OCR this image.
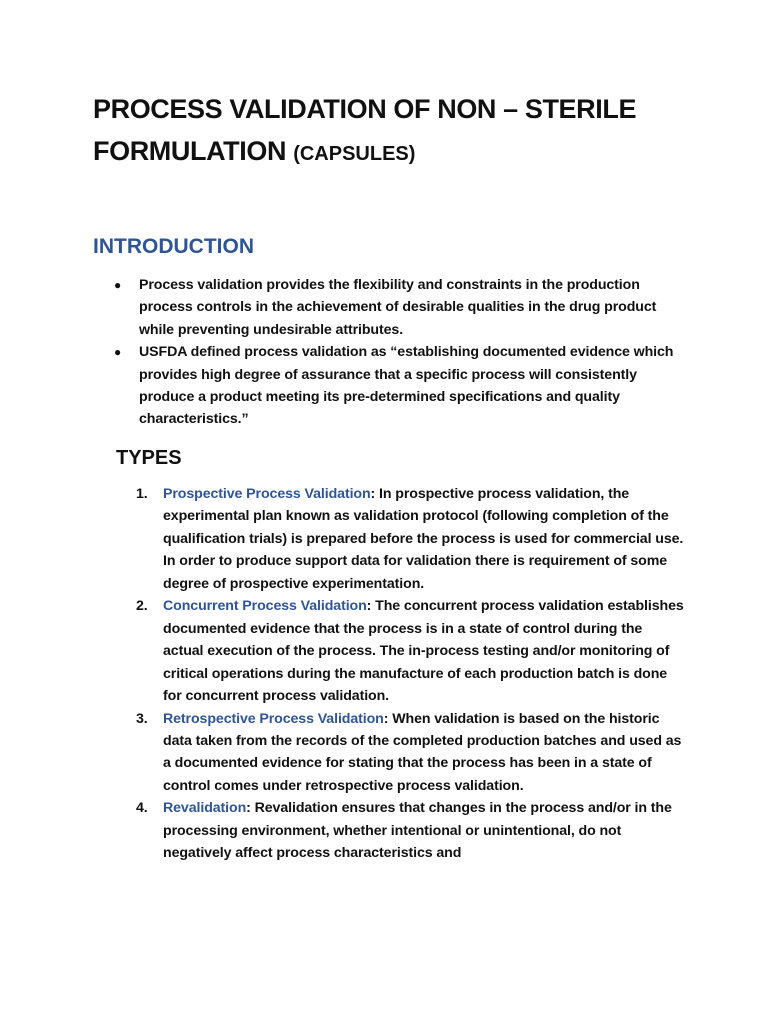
PROCESS VALIDATION OF NON – STERILE FORMULATION (CAPSULES)
INTRODUCTION
● Process validation provides the flexibility and constraints in the production process controls in the achievement of desirable qualities in the drug product while preventing undesirable attributes.
● USFDA defined process validation as “establishing documented evidence which provides high degree of assurance that a specific process will consistently produce a product meeting its pre-determined specifications and quality characteristics.”
TYPES
1. Prospective Process Validation: In prospective process validation, the experimental plan known as validation protocol (following completion of the qualification trials) is prepared before the process is used for commercial use. In order to produce support data for validation there is requirement of some degree of prospective experimentation.
2. Concurrent Process Validation: The concurrent process validation establishes documented evidence that the process is in a state of control during the actual execution of the process. The in-process testing and/or monitoring of critical operations during the manufacture of each production batch is done for concurrent process validation.
3. Retrospective Process Validation: When validation is based on the historic data taken from the records of the completed production batches and used as a documented evidence for stating that the process has been in a state of control comes under retrospective process validation.
4. Revalidation: Revalidation ensures that changes in the process and/or in the processing environment, whether intentional or unintentional, do not negatively affect process characteristics and
